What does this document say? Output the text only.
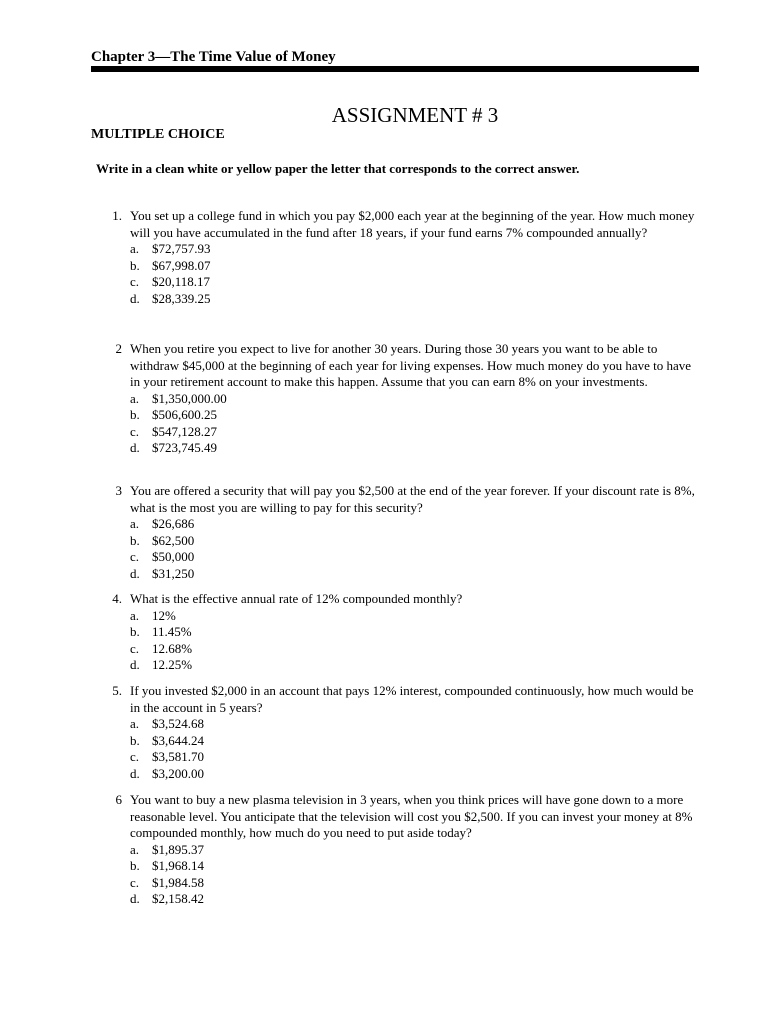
Chapter 3—The Time Value of Money
ASSIGNMENT # 3
MULTIPLE CHOICE
Write in a clean white or yellow paper the letter that corresponds to the correct answer.
1. You set up a college fund in which you pay $2,000 each year at the beginning of the year. How much money will you have accumulated in the fund after 18 years, if your fund earns 7% compounded annually?
a. $72,757.93
b. $67,998.07
c. $20,118.17
d. $28,339.25
2 When you retire you expect to live for another 30 years. During those 30 years you want to be able to withdraw $45,000 at the beginning of each year for living expenses. How much money do you have to have in your retirement account to make this happen. Assume that you can earn 8% on your investments.
a. $1,350,000.00
b. $506,600.25
c. $547,128.27
d. $723,745.49
3 You are offered a security that will pay you $2,500 at the end of the year forever. If your discount rate is 8%, what is the most you are willing to pay for this security?
a. $26,686
b. $62,500
c. $50,000
d. $31,250
4. What is the effective annual rate of 12% compounded monthly?
a. 12%
b. 11.45%
c. 12.68%
d. 12.25%
5. If you invested $2,000 in an account that pays 12% interest, compounded continuously, how much would be in the account in 5 years?
a. $3,524.68
b. $3,644.24
c. $3,581.70
d. $3,200.00
6 You want to buy a new plasma television in 3 years, when you think prices will have gone down to a more reasonable level. You anticipate that the television will cost you $2,500. If you can invest your money at 8% compounded monthly, how much do you need to put aside today?
a. $1,895.37
b. $1,968.14
c. $1,984.58
d. $2,158.42
